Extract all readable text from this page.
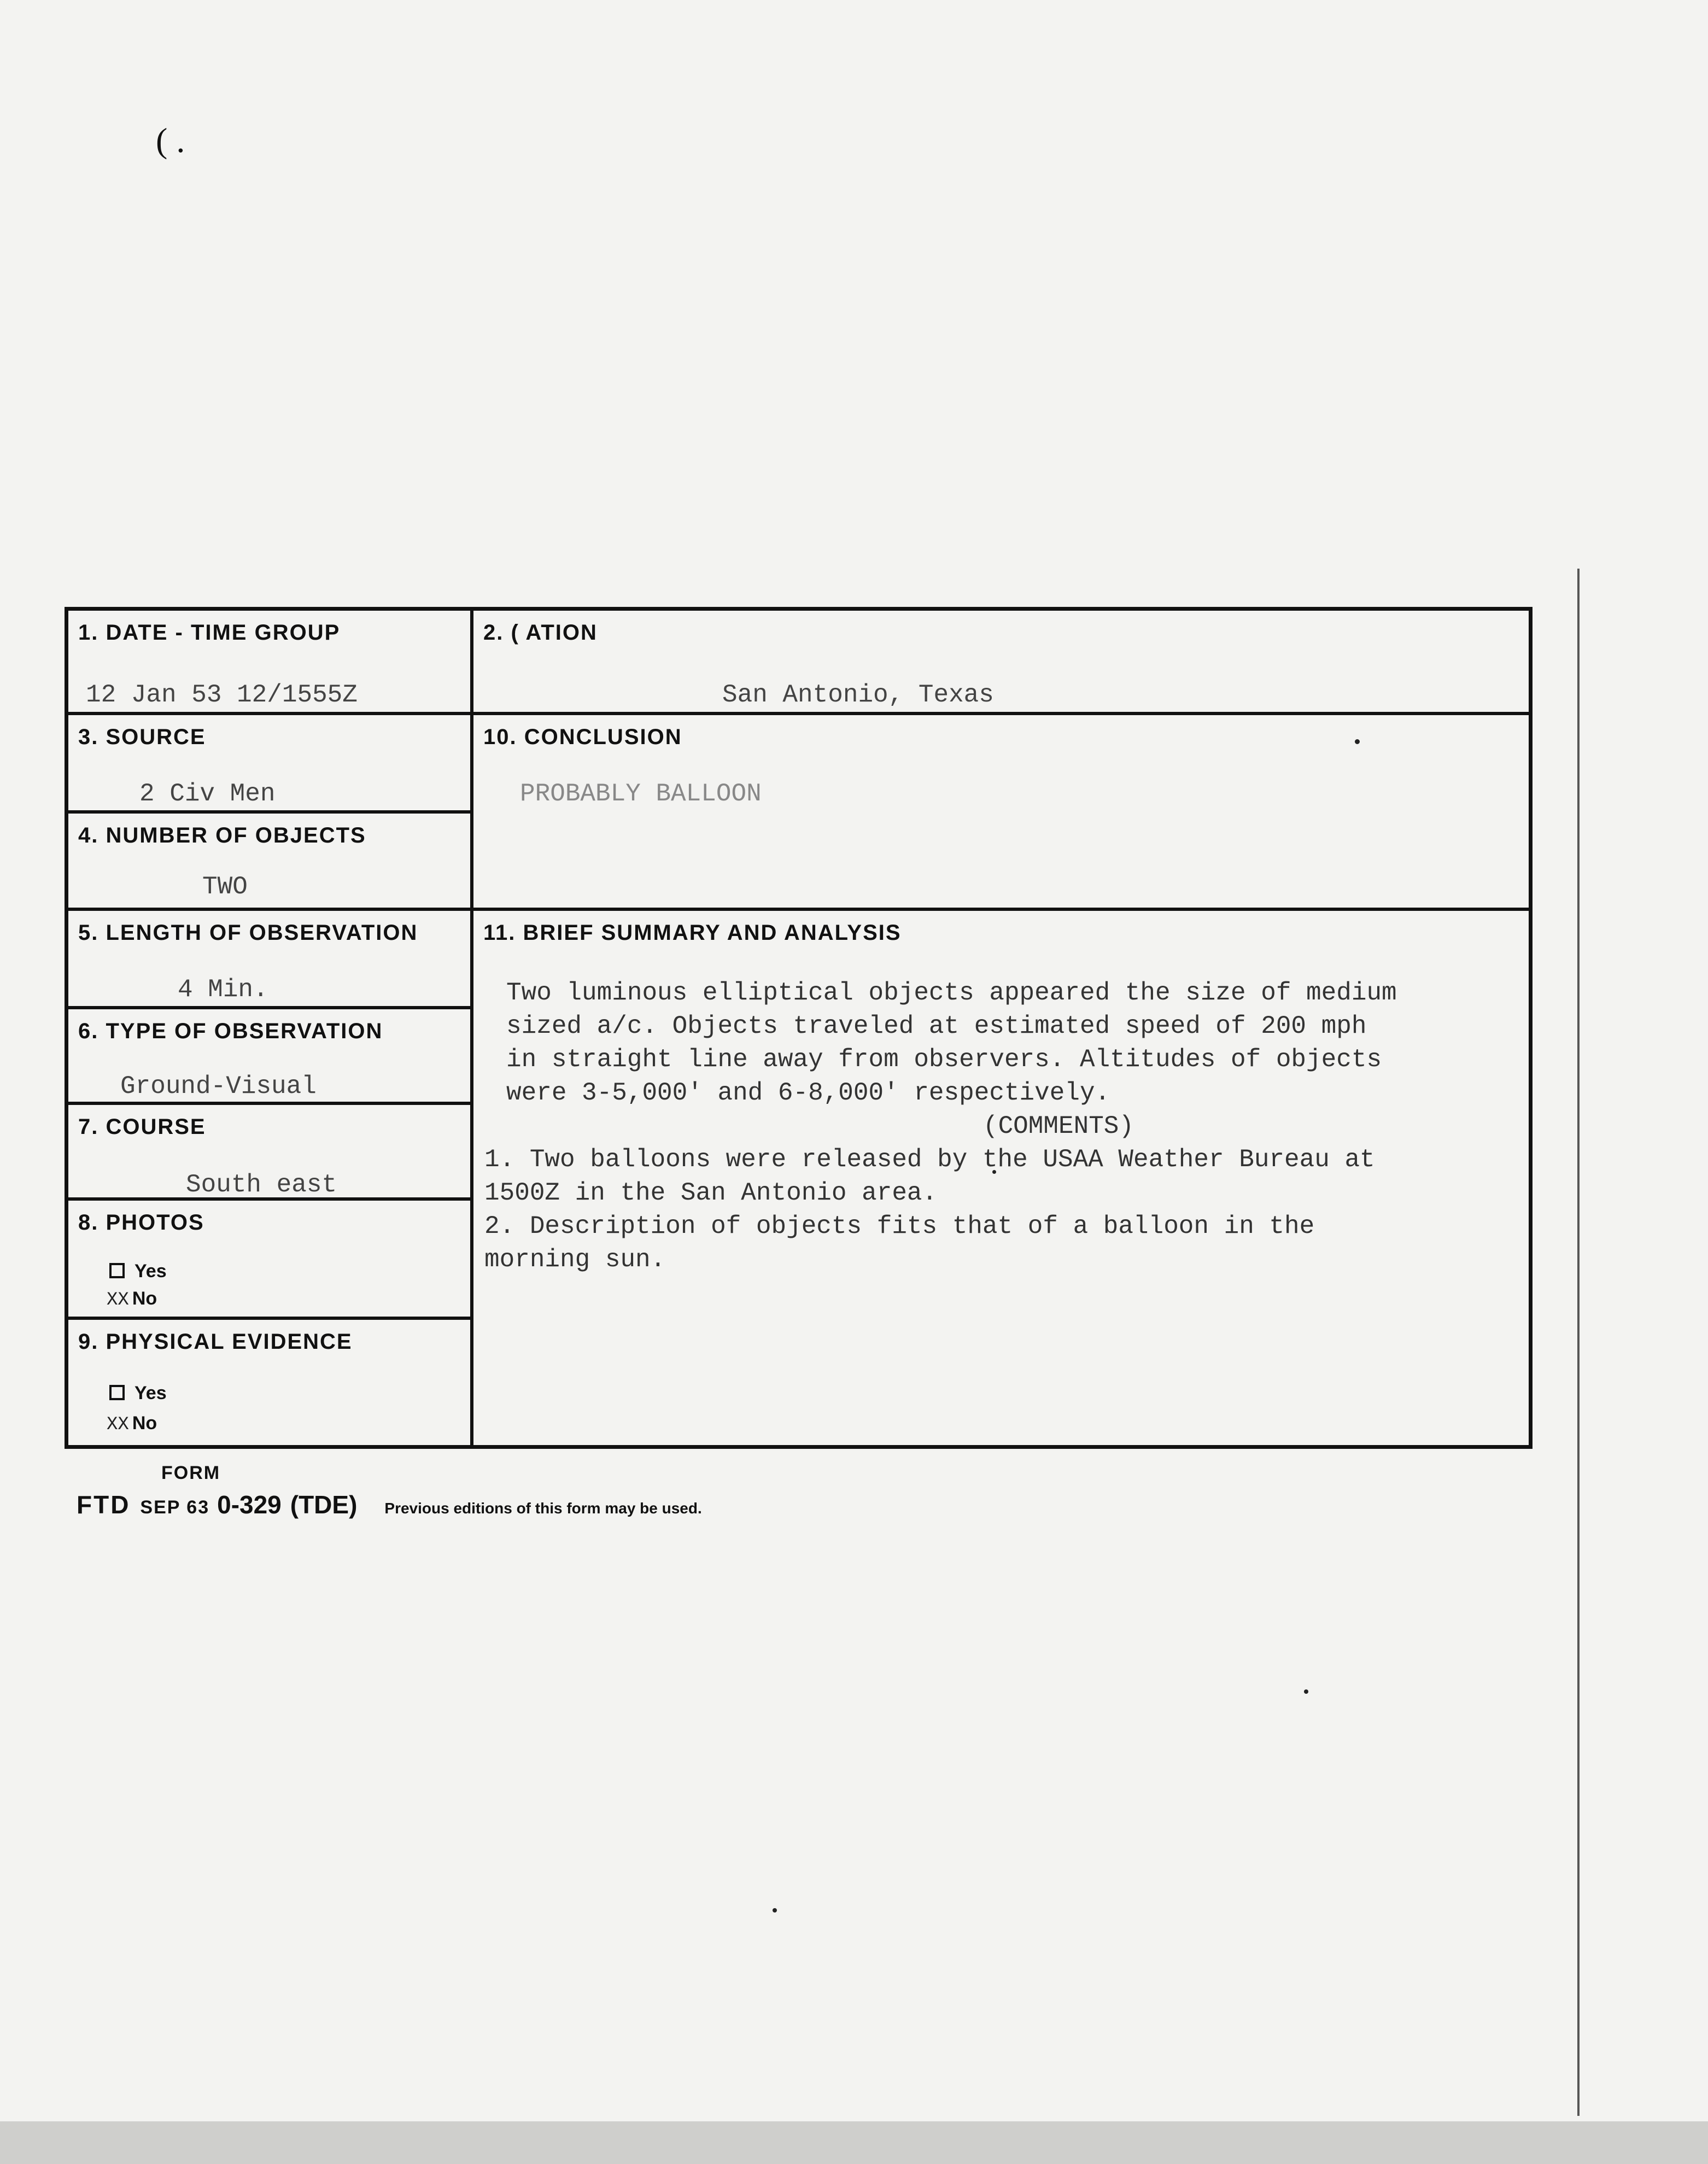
( .

1. DATE - TIME GROUP

12 Jan 53 12/1555Z

2. ( ATION

San Antonio, Texas

3. SOURCE

2 Civ Men

10. CONCLUSION

PROBABLY BALLOON

4. NUMBER OF OBJECTS

TWO

5. LENGTH OF OBSERVATION

4 Min.

11. BRIEF SUMMARY AND ANALYSIS

Two luminous elliptical objects appeared the size of medium

sized a/c. Objects traveled at estimated speed of 200 mph

in straight line away from observers. Altitudes of objects

were 3-5,000' and 6-8,000' respectively.

(COMMENTS)

1. Two balloons were released by the USAA Weather Bureau at

1500Z in the San Antonio area.

2. Description of objects fits that of a balloon in the

morning sun.

6. TYPE OF OBSERVATION

Ground-Visual

7. COURSE

South east

8. PHOTOS

Yes
XX No

9. PHYSICAL EVIDENCE

Yes
XX No
FORM
FTD SEP 63 0-329 (TDE) Previous editions of this form may be used.
